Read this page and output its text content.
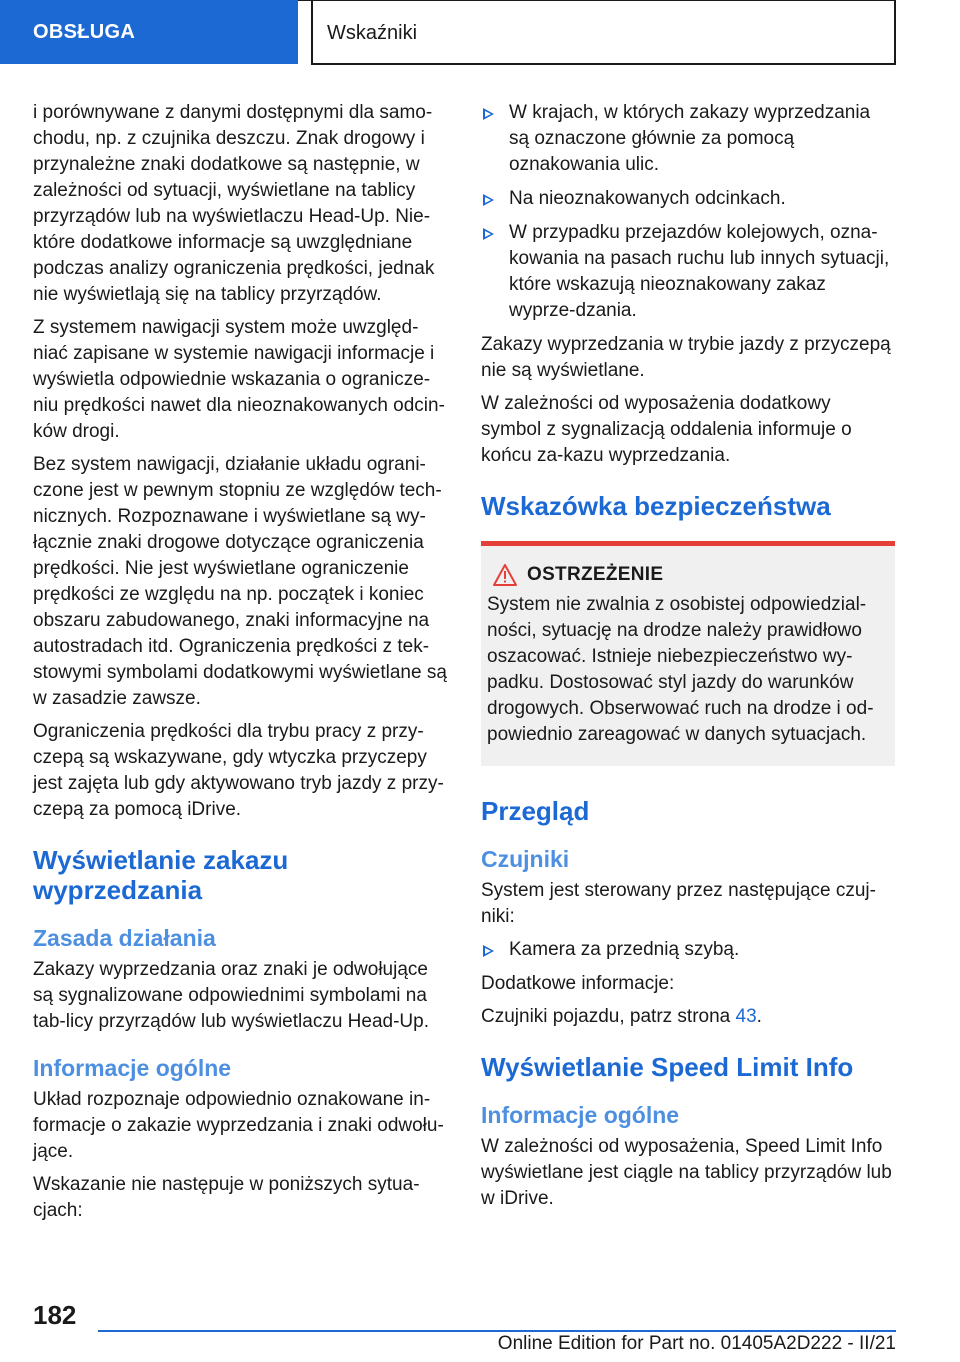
OBSŁUGA	Wskaźniki

i porównywane z danymi dostępnymi dla samo-chodu, np. z czujnika deszczu. Znak drogowy i przynależne znaki dodatkowe są następnie, w zależności od sytuacji, wyświetlane na tablicy przyrządów lub na wyświetlaczu Head-Up. Nie-które dodatkowe informacje są uwzględniane podczas analizy ograniczenia prędkości, jednak nie wyświetlają się na tablicy przyrządów.

Z systemem nawigacji system może uwzględ-niać zapisane w systemie nawigacji informacje i wyświetla odpowiednie wskazania o ogranicze-niu prędkości nawet dla nieoznakowanych odcin-ków drogi.

Bez system nawigacji, działanie układu ograni-czone jest w pewnym stopniu ze względów tech-nicznych. Rozpoznawane i wyświetlane są wy-łącznie znaki drogowe dotyczące ograniczenia prędkości. Nie jest wyświetlane ograniczenie prędkości ze względu na np. początek i koniec obszaru zabudowanego, znaki informacyjne na autostradach itd. Ograniczenia prędkości z tek-stowymi symbolami dodatkowymi wyświetlane są w zasadzie zawsze.

Ograniczenia prędkości dla trybu pracy z przy-czepą są wskazywane, gdy wtyczka przyczepy jest zajęta lub gdy aktywowano tryb jazdy z przy-czepą za pomocą iDrive.

Wyświetlanie zakazu wyprzedzania
Zasada działania

Zakazy wyprzedzania oraz znaki je odwołujące są sygnalizowane odpowiednimi symbolami na tab-licy przyrządów lub wyświetlaczu Head-Up.

Informacje ogólne

Układ rozpoznaje odpowiednio oznakowane in-formacje o zakazie wyprzedzania i znaki odwołu-jące.

Wskazanie nie następuje w poniższych sytua-cjach:

W krajach, w których zakazy wyprzedzania są oznaczone głównie za pomocą oznakowania ulic.
Na nieoznakowanych odcinkach.
W przypadku przejazdów kolejowych, ozna-kowania na pasach ruchu lub innych sytuacji, które wskazują nieoznakowany zakaz wyprze-dzania.

Zakazy wyprzedzania w trybie jazdy z przyczepą nie są wyświetlane.

W zależności od wyposażenia dodatkowy symbol z sygnalizacją oddalenia informuje o końcu za-kazu wyprzedzania.

Wskazówka bezpieczeństwa
OSTRZEŻENIE

System nie zwalnia z osobistej odpowiedzial-ności, sytuację na drodze należy prawidłowo oszacować. Istnieje niebezpieczeństwo wy-padku. Dostosować styl jazdy do warunków drogowych. Obserwować ruch na drodze i od-powiednio zareagować w danych sytuacjach.

Przegląd
Czujniki

System jest sterowany przez następujące czuj-niki:

Kamera za przednią szybą.

Dodatkowe informacje:

Czujniki pojazdu, patrz strona 43.

Wyświetlanie Speed Limit Info
Informacje ogólne

W zależności od wyposażenia, Speed Limit Info wyświetlane jest ciągle na tablicy przyrządów lub w iDrive.

182
Online Edition for Part no. 01405A2D222 - II/21
